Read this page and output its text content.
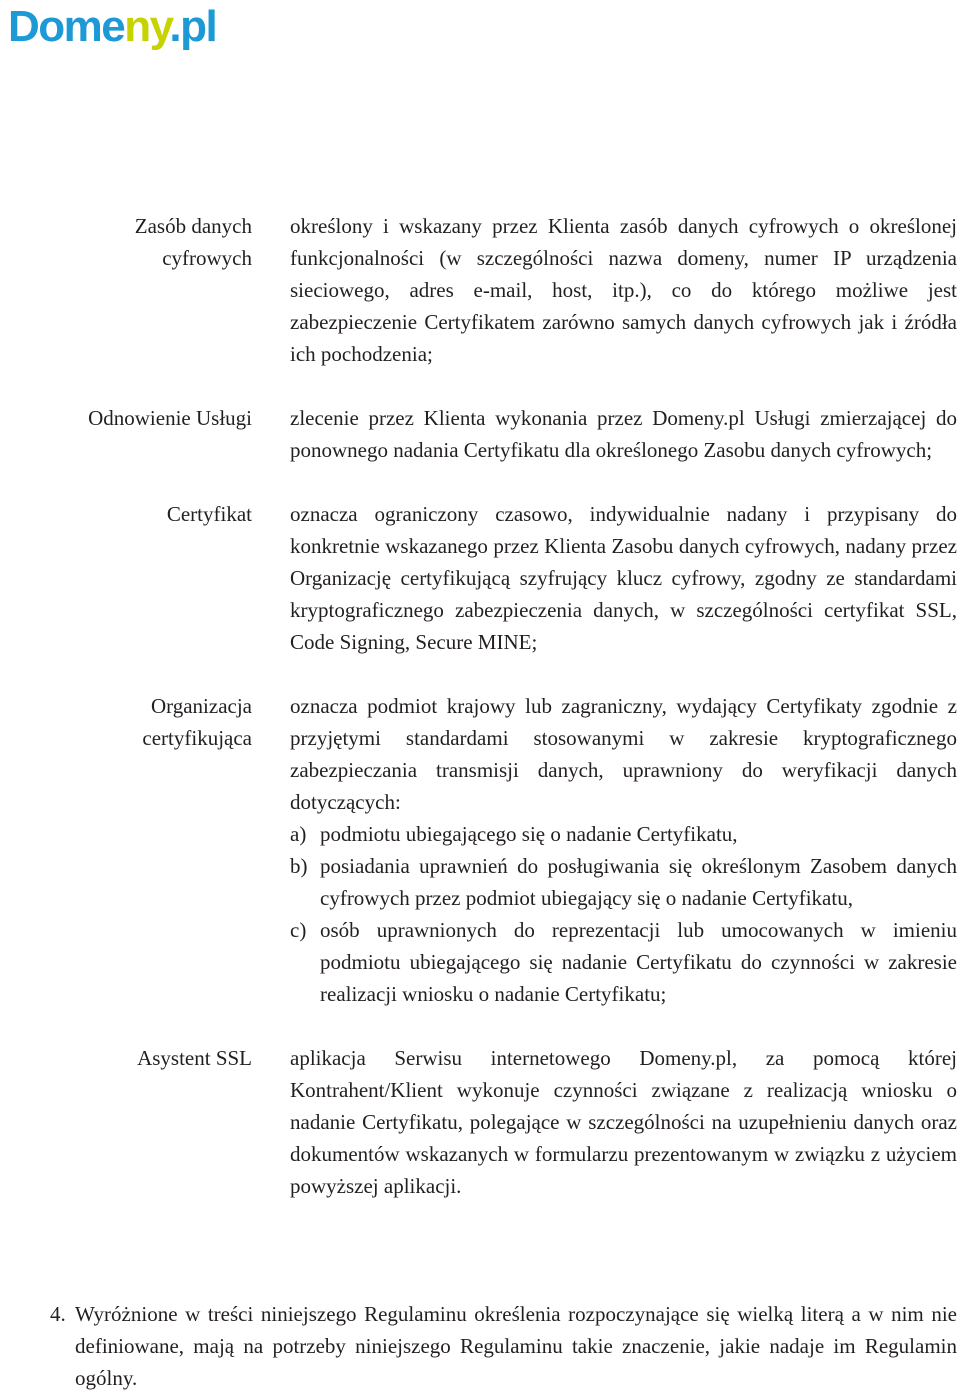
Domeny.pl
Zasób danych cyfrowych

określony i wskazany przez Klienta zasób danych cyfrowych o określonej funkcjonalności (w szczególności nazwa domeny, numer IP urządzenia sieciowego, adres e-mail, host, itp.), co do którego możliwe jest zabezpieczenie Certyfikatem zarówno samych danych cyfrowych jak i źródła ich pochodzenia;

Odnowienie Usługi zlecenie przez Klienta wykonania przez Domeny.pl Usługi zmierzającej do ponownego nadania Certyfikatu dla określonego Zasobu danych cyfrowych;

Certyfikat oznacza ograniczony czasowo, indywidualnie nadany i przypisany do konkretnie wskazanego przez Klienta Zasobu danych cyfrowych, nadany przez Organizację certyfikującą szyfrujący klucz cyfrowy, zgodny ze standardami kryptograficznego zabezpieczenia danych, w szczególności certyfikat SSL, Code Signing, Secure MINE;

Organizacja certyfikująca

oznacza podmiot krajowy lub zagraniczny, wydający Certyfikaty zgodnie z przyjętymi standardami stosowanymi w zakresie kryptograficznego zabezpieczania transmisji danych, uprawniony do weryfikacji danych dotyczących:

a) podmiotu ubiegającego się o nadanie Certyfikatu,
b) posiadania uprawnień do posługiwania się określonym Zasobem danych cyfrowych przez podmiot ubiegający się o nadanie Certyfikatu,
c) osób uprawnionych do reprezentacji lub umocowanych w imieniu podmiotu ubiegającego się nadanie Certyfikatu do czynności w zakresie realizacji wniosku o nadanie Certyfikatu;
Asystent SSL aplikacja Serwisu internetowego Domeny.pl, za pomocą której Kontrahent/Klient wykonuje czynności związane z realizacją wniosku o nadanie Certyfikatu, polegające w szczególności na uzupełnieniu danych oraz dokumentów wskazanych w formularzu prezentowanym w związku z użyciem powyższej aplikacji.

4. Wyróżnione w treści niniejszego Regulaminu określenia rozpoczynające się wielką literą a w nim nie definiowane, mają na potrzeby niniejszego Regulaminu takie znaczenie, jakie nadaje im Regulamin ogólny.
